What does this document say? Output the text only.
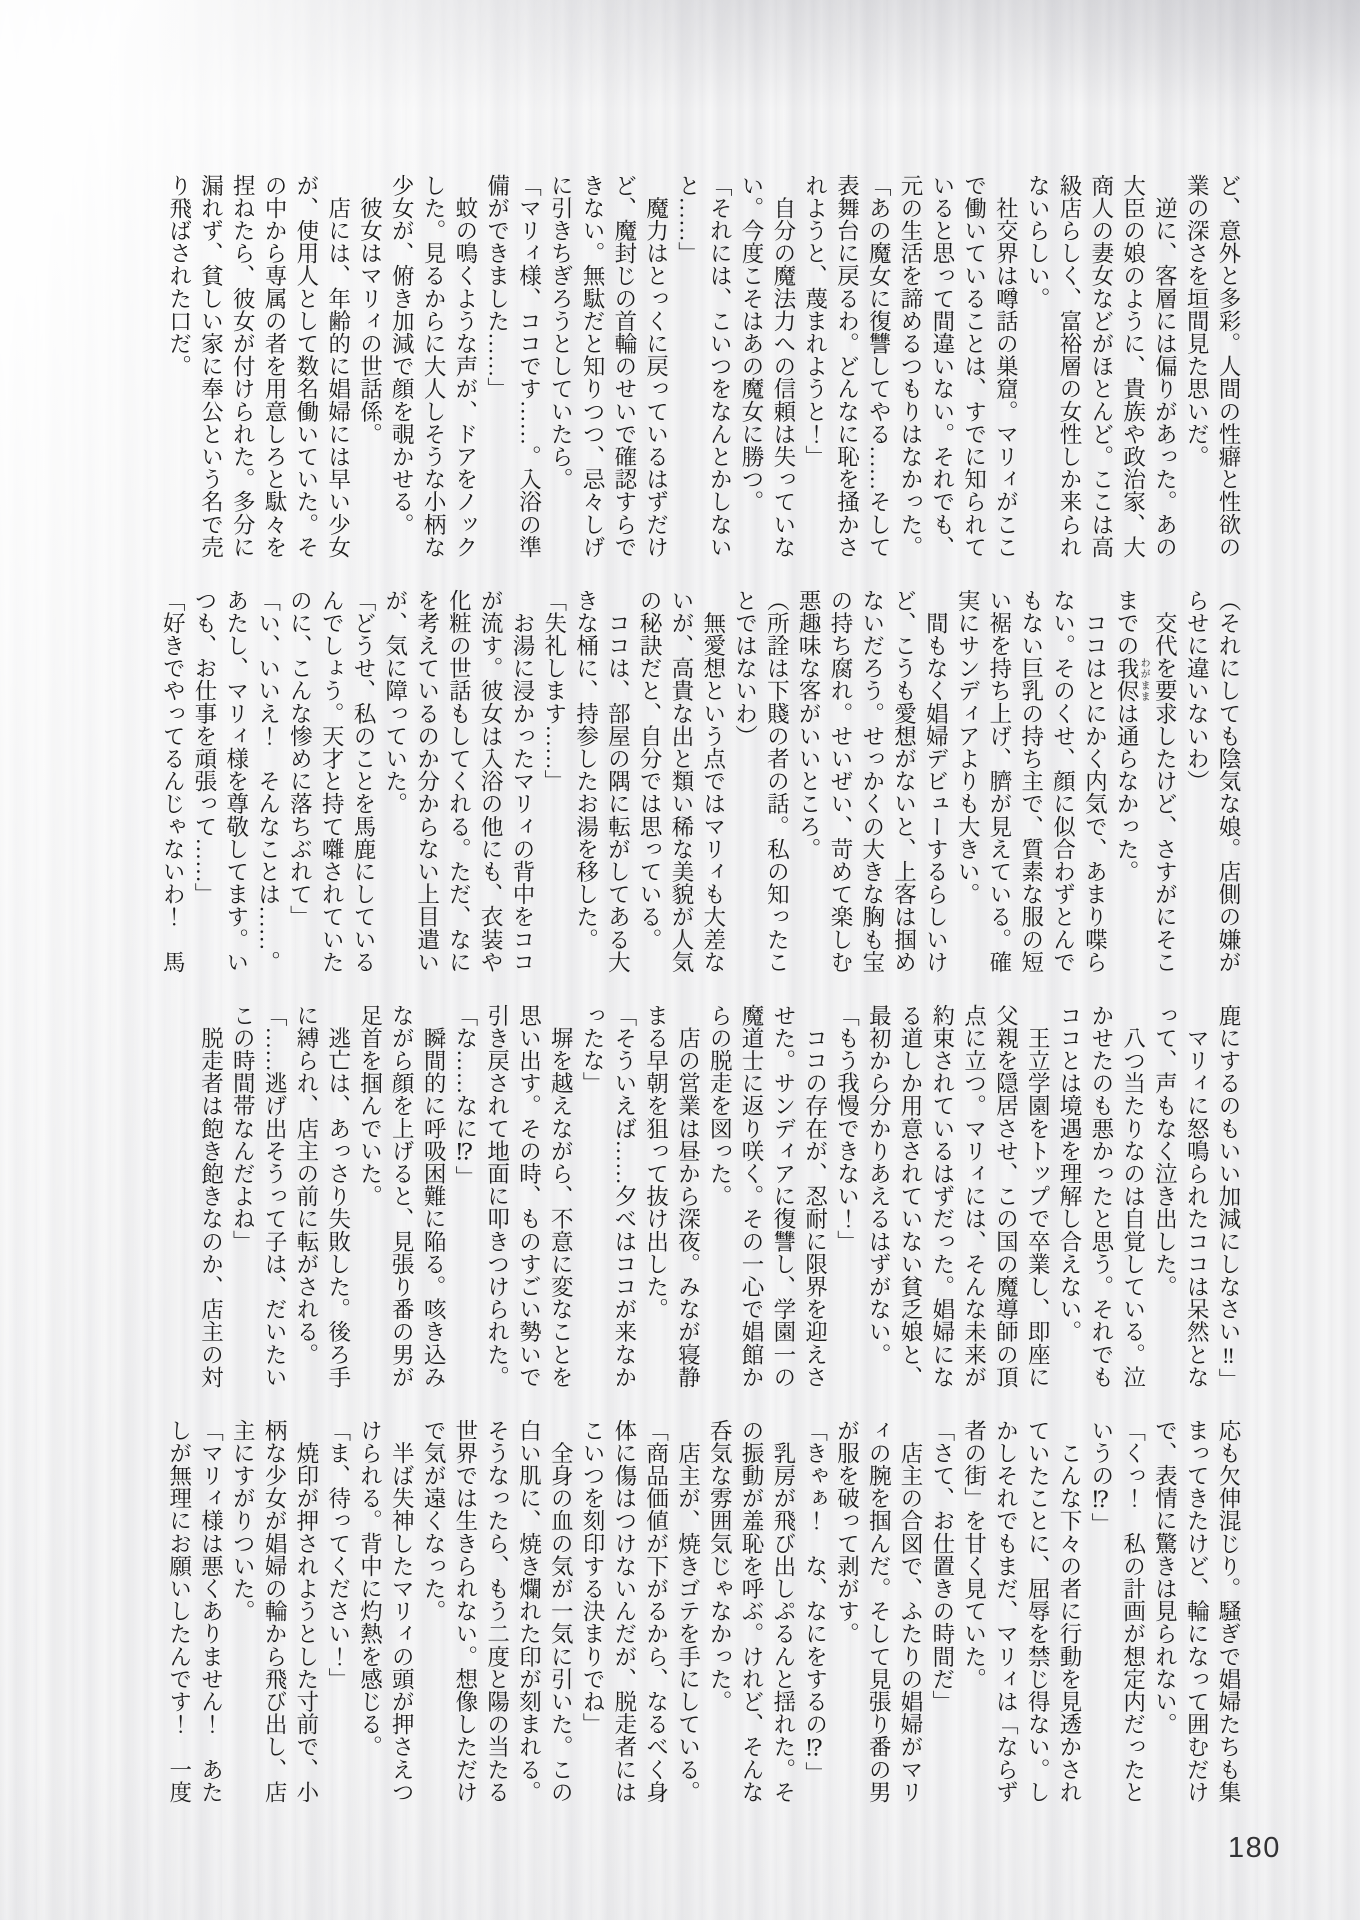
ど、意外と多彩。人間の性癖と性欲の
業の深さを垣間見た思いだ。
　逆に、客層には偏りがあった。あの
大臣の娘のように、貴族や政治家、大
商人の妻女などがほとんど。ここは高
級店らしく、富裕層の女性しか来られ
ないらしい。
　社交界は噂話の巣窟。マリィがここ
で働いていることは、すでに知られて
いると思って間違いない。それでも、
元の生活を諦めるつもりはなかった。
「あの魔女に復讐してやる……そして
表舞台に戻るわ。どんなに恥を掻かさ
れようと、蔑まれようと！」
　自分の魔法力への信頼は失っていな
い。今度こそはあの魔女に勝つ。
「それには、こいつをなんとかしない
と……」
　魔力はとっくに戻っているはずだけ
ど、魔封じの首輪のせいで確認すらで
きない。無駄だと知りつつ、忌々しげ
に引きちぎろうとしていたら。
「マリィ様、ココです……。入浴の準
備ができました……」
　蚊の鳴くような声が、ドアをノック
した。見るからに大人しそうな小柄な
少女が、俯き加減で顔を覗かせる。
　彼女はマリィの世話係。
　店には、年齢的に娼婦には早い少女
が、使用人として数名働いていた。そ
の中から専属の者を用意しろと駄々を
捏ねたら、彼女が付けられた。多分に
漏れず、貧しい家に奉公という名で売
り飛ばされた口だ。
（それにしても陰気な娘。店側の嫌が
らせに違いないわ）
　交代を要求したけど、さすがにそこ
までの我侭 わがままは通らなかった。
　ココはとにかく内気で、あまり喋ら
ない。そのくせ、顔に似合わずとんで
もない巨乳の持ち主で、質素な服の短
い裾を持ち上げ、臍が見えている。確
実にサンディアよりも大きい。
　間もなく娼婦デビューするらしいけ
ど、こうも愛想がないと、上客は掴め
ないだろう。せっかくの大きな胸も宝
の持ち腐れ。せいぜい、苛めて楽しむ
悪趣味な客がいいところ。
（所詮は下賤の者の話。私の知ったこ
とではないわ）
　無愛想という点ではマリィも大差な
いが、高貴な出と類い稀な美貌が人気
の秘訣だと、自分では思っている。
　ココは、部屋の隅に転がしてある大
きな桶に、持参したお湯を移した。
「失礼します……」
　お湯に浸かったマリィの背中をココ
が流す。彼女は入浴の他にも、衣装や
化粧の世話もしてくれる。ただ、なに
を考えているのか分からない上目遣い
が、気に障っていた。
「どうせ、私のことを馬鹿にしている
んでしょう。天才と持て囃されていた
のに、こんな惨めに落ちぶれて」
「い、いいえ！　そんなことは……。
あたし、マリィ様を尊敬してます。い
つも、お仕事を頑張って……」
「好きでやってるんじゃないわ！　馬
鹿にするのもいい加減にしなさい‼」
　マリィに怒鳴られたココは呆然とな
って、声もなく泣き出した。
　八つ当たりなのは自覚している。泣
かせたのも悪かったと思う。それでも
ココとは境遇を理解し合えない。
　王立学園をトップで卒業し、即座に
父親を隠居させ、この国の魔導師の頂
点に立つ。マリィには、そんな未来が
約束されているはずだった。娼婦にな
る道しか用意されていない貧乏娘と、
最初から分かりあえるはずがない。
「もう我慢できない！」
　ココの存在が、忍耐に限界を迎えさ
せた。サンディアに復讐し、学園一の
魔道士に返り咲く。その一心で娼館か
らの脱走を図った。
　店の営業は昼から深夜。みなが寝静
まる早朝を狙って抜け出した。
「そういえば……夕べはココが来なか
ったな」
　塀を越えながら、不意に変なことを
思い出す。その時、ものすごい勢いで
引き戻されて地面に叩きつけられた。
「な……なに⁉」
　瞬間的に呼吸困難に陥る。咳き込み
ながら顔を上げると、見張り番の男が
足首を掴んでいた。
　逃亡は、あっさり失敗した。後ろ手
に縛られ、店主の前に転がされる。
「……逃げ出そうって子は、だいたい
この時間帯なんだよね」
　脱走者は飽き飽きなのか、店主の対
応も欠伸混じり。騒ぎで娼婦たちも集
まってきたけど、輪になって囲むだけ
で、表情に驚きは見られない。
「くっ！　私の計画が想定内だったと
いうの⁉」
　こんな下々の者に行動を見透かされ
ていたことに、屈辱を禁じ得ない。し
かしそれでもまだ、マリィは「ならず
者の街」を甘く見ていた。
「さて、お仕置きの時間だ」
　店主の合図で、ふたりの娼婦がマリ
ィの腕を掴んだ。そして見張り番の男
が服を破って剥がす。
「きゃぁ！　な、なにをするの⁉」
　乳房が飛び出しぷるんと揺れた。そ
の振動が羞恥を呼ぶ。けれど、そんな
呑気な雰囲気じゃなかった。
　店主が、焼きゴテを手にしている。
「商品価値が下がるから、なるべく身
体に傷はつけないんだが、脱走者には
こいつを刻印する決まりでね」
　全身の血の気が一気に引いた。この
白い肌に、焼き爛れた印が刻まれる。
そうなったら、もう二度と陽の当たる
世界では生きられない。想像しただけ
で気が遠くなった。
　半ば失神したマリィの頭が押さえつ
けられる。背中に灼熱を感じる。
「ま、待ってください！」
　焼印が押されようとした寸前で、小
柄な少女が娼婦の輪から飛び出し、店
主にすがりついた。
「マリィ様は悪くありません！　あた
しが無理にお願いしたんです！　一度
180
